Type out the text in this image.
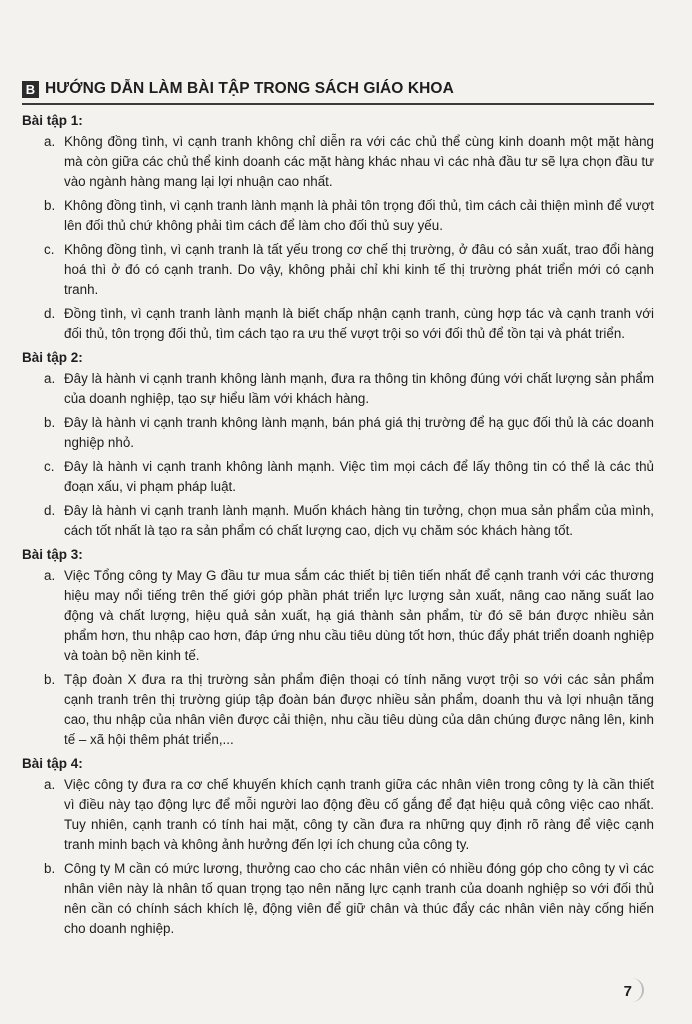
B HƯỚNG DẪN LÀM BÀI TẬP TRONG SÁCH GIÁO KHOA
Bài tập 1:
a. Không đồng tình, vì cạnh tranh không chỉ diễn ra với các chủ thể cùng kinh doanh một mặt hàng mà còn giữa các chủ thể kinh doanh các mặt hàng khác nhau vì các nhà đầu tư sẽ lựa chọn đầu tư vào ngành hàng mang lại lợi nhuận cao nhất.
b. Không đồng tình, vì cạnh tranh lành mạnh là phải tôn trọng đối thủ, tìm cách cải thiện mình để vượt lên đối thủ chứ không phải tìm cách để làm cho đối thủ suy yếu.
c. Không đồng tình, vì cạnh tranh là tất yếu trong cơ chế thị trường, ở đâu có sản xuất, trao đổi hàng hoá thì ở đó có cạnh tranh. Do vậy, không phải chỉ khi kinh tế thị trường phát triển mới có cạnh tranh.
d. Đồng tình, vì cạnh tranh lành mạnh là biết chấp nhận cạnh tranh, cùng hợp tác và cạnh tranh với đối thủ, tôn trọng đối thủ, tìm cách tạo ra ưu thế vượt trội so với đối thủ để tồn tại và phát triển.
Bài tập 2:
a. Đây là hành vi cạnh tranh không lành mạnh, đưa ra thông tin không đúng với chất lượng sản phẩm của doanh nghiệp, tạo sự hiểu lầm với khách hàng.
b. Đây là hành vi cạnh tranh không lành mạnh, bán phá giá thị trường để hạ gục đối thủ là các doanh nghiệp nhỏ.
c. Đây là hành vi cạnh tranh không lành mạnh. Việc tìm mọi cách để lấy thông tin có thể là các thủ đoạn xấu, vi phạm pháp luật.
d. Đây là hành vi cạnh tranh lành mạnh. Muốn khách hàng tin tưởng, chọn mua sản phẩm của mình, cách tốt nhất là tạo ra sản phẩm có chất lượng cao, dịch vụ chăm sóc khách hàng tốt.
Bài tập 3:
a. Việc Tổng công ty May G đầu tư mua sắm các thiết bị tiên tiến nhất để cạnh tranh với các thương hiệu may nổi tiếng trên thế giới góp phần phát triển lực lượng sản xuất, nâng cao năng suất lao động và chất lượng, hiệu quả sản xuất, hạ giá thành sản phẩm, từ đó sẽ bán được nhiều sản phẩm hơn, thu nhập cao hơn, đáp ứng nhu cầu tiêu dùng tốt hơn, thúc đẩy phát triển doanh nghiệp và toàn bộ nền kinh tế.
b. Tập đoàn X đưa ra thị trường sản phẩm điện thoại có tính năng vượt trội so với các sản phẩm cạnh tranh trên thị trường giúp tập đoàn bán được nhiều sản phẩm, doanh thu và lợi nhuận tăng cao, thu nhập của nhân viên được cải thiện, nhu cầu tiêu dùng của dân chúng được nâng lên, kinh tế – xã hội thêm phát triển,...
Bài tập 4:
a. Việc công ty đưa ra cơ chế khuyến khích cạnh tranh giữa các nhân viên trong công ty là cần thiết vì điều này tạo động lực để mỗi người lao động đều cố gắng để đạt hiệu quả công việc cao nhất. Tuy nhiên, cạnh tranh có tính hai mặt, công ty cần đưa ra những quy định rõ ràng để việc cạnh tranh minh bạch và không ảnh hưởng đến lợi ích chung của công ty.
b. Công ty M cần có mức lương, thưởng cao cho các nhân viên có nhiều đóng góp cho công ty vì các nhân viên này là nhân tố quan trọng tạo nên năng lực cạnh tranh của doanh nghiệp so với đối thủ nên cần có chính sách khích lệ, động viên để giữ chân và thúc đẩy các nhân viên này cống hiến cho doanh nghiệp.
7
